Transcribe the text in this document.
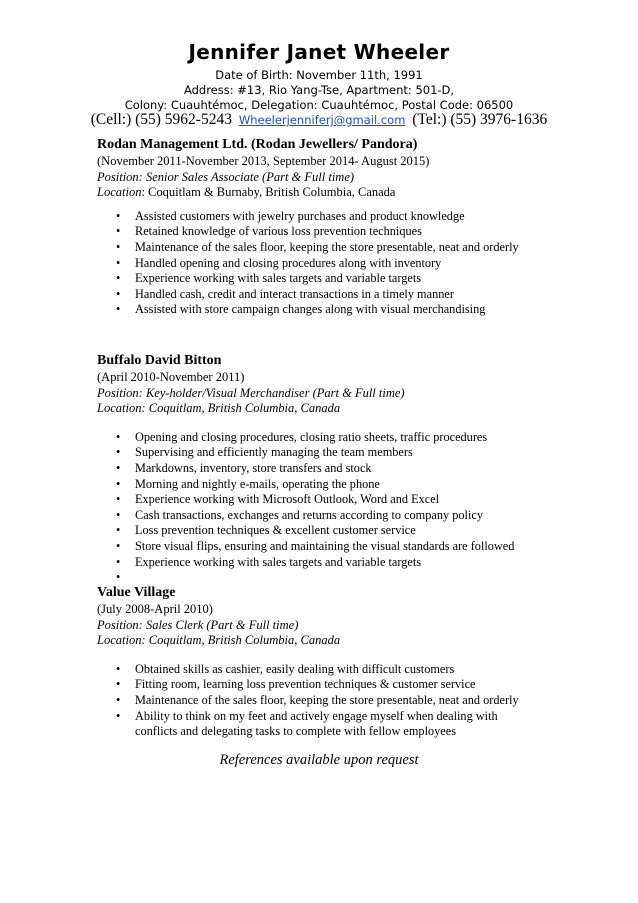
Jennifer Janet Wheeler
Date of Birth: November 11th, 1991
Address: #13, Rio Yang-Tse, Apartment: 501-D,
Colony: Cuauhtémoc, Delegation: Cuauhtémoc, Postal Code: 06500
(Cell:) (55) 5962-5243 Wheelerjenniferj@gmail.com (Tel:) (55) 3976-1636
Rodan Management Ltd. (Rodan Jewellers/ Pandora)
(November 2011-November 2013, September 2014- August 2015)
Position: Senior Sales Associate (Part & Full time)
Location: Coquitlam & Burnaby, British Columbia, Canada
• Assisted customers with jewelry purchases and product knowledge
• Retained knowledge of various loss prevention techniques
• Maintenance of the sales floor, keeping the store presentable, neat and orderly
• Handled opening and closing procedures along with inventory
• Experience working with sales targets and variable targets
• Handled cash, credit and interact transactions in a timely manner
• Assisted with store campaign changes along with visual merchandising
Buffalo David Bitton
(April 2010-November 2011)
Position: Key-holder/Visual Merchandiser (Part & Full time)
Location: Coquitlam, British Columbia, Canada
• Opening and closing procedures, closing ratio sheets, traffic procedures
• Supervising and efficiently managing the team members
• Markdowns, inventory, store transfers and stock
• Morning and nightly e-mails, operating the phone
• Experience working with Microsoft Outlook, Word and Excel
• Cash transactions, exchanges and returns according to company policy
• Loss prevention techniques & excellent customer service
• Store visual flips, ensuring and maintaining the visual standards are followed
• Experience working with sales targets and variable targets
•
Value Village
(July 2008-April 2010)
Position: Sales Clerk (Part & Full time)
Location: Coquitlam, British Columbia, Canada
• Obtained skills as cashier, easily dealing with difficult customers
• Fitting room, learning loss prevention techniques & customer service
• Maintenance of the sales floor, keeping the store presentable, neat and orderly
• Ability to think on my feet and actively engage myself when dealing with conflicts and delegating tasks to complete with fellow employees
References available upon request
